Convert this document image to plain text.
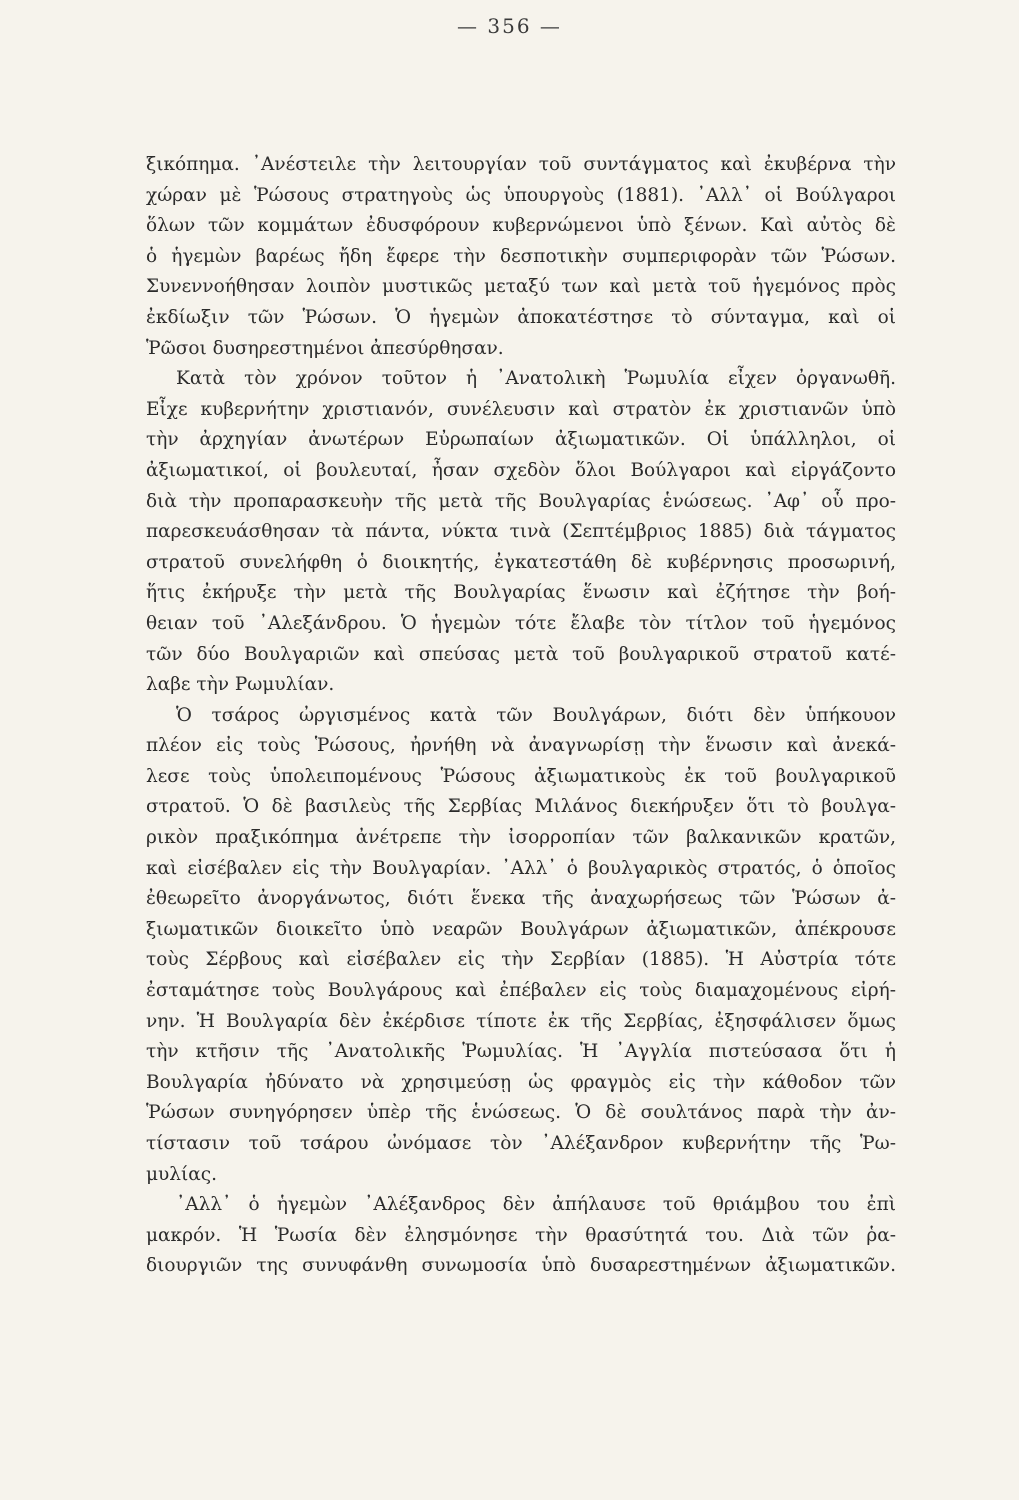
— 356 —
ξικόπημα. ᾿Ανέστειλε τὴν λειτουργίαν τοῦ συντάγματος καὶ ἐκυβέρνα τὴν
χώραν μὲ Ῥώσους στρατηγοὺς ὡς ὑπουργοὺς (1881). ᾿Αλλ᾿ οἱ Βούλγαροι
ὅλων τῶν κομμάτων ἐδυσφόρουν κυβερνώμενοι ὑπὸ ξένων. Καὶ αὐτὸς δὲ
ὁ ἡγεμὼν βαρέως ἤδη ἔφερε τὴν δεσποτικὴν συμπεριφορὰν τῶν Ῥώσων.
Συνεννοήθησαν λοιπὸν μυστικῶς μεταξύ των καὶ μετὰ τοῦ ἡγεμόνος πρὸς
ἐκδίωξιν τῶν Ῥώσων. Ὁ ἡγεμὼν ἀποκατέστησε τὸ σύνταγμα, καὶ οἱ
Ῥῶσοι δυσηρεστημένοι ἀπεσύρθησαν.
Κατὰ τὸν χρόνον τοῦτον ἡ ᾿Ανατολικὴ Ῥωμυλία εἶχεν ὀργανωθῆ.
Εἶχε κυβερνήτην χριστιανόν, συνέλευσιν καὶ στρατὸν ἐκ χριστιανῶν ὑπὸ
τὴν ἀρχηγίαν ἀνωτέρων Εὐρωπαίων ἀξιωματικῶν. Οἱ ὑπάλληλοι, οἱ
ἀξιωματικοί, οἱ βουλευταί, ἦσαν σχεδὸν ὅλοι Βούλγαροι καὶ εἰργάζοντο
διὰ τὴν προπαρασκευὴν τῆς μετὰ τῆς Βουλγαρίας ἑνώσεως. ᾿Αφ᾿ οὗ προ-
παρεσκευάσθησαν τὰ πάντα, νύκτα τινὰ (Σεπτέμβριος 1885) διὰ τάγματος
στρατοῦ συνελήφθη ὁ διοικητής, ἐγκατεστάθη δὲ κυβέρνησις προσωρινή,
ἥτις ἐκήρυξε τὴν μετὰ τῆς Βουλγαρίας ἕνωσιν καὶ ἐζήτησε τὴν βοή-
θειαν τοῦ ᾿Αλεξάνδρου. Ὁ ἡγεμὼν τότε ἔλαβε τὸν τίτλον τοῦ ἡγεμόνος
τῶν δύο Βουλγαριῶν καὶ σπεύσας μετὰ τοῦ βουλγαρικοῦ στρατοῦ κατέ-
λαβε τὴν Ρωμυλίαν.
Ὁ τσάρος ὠργισμένος κατὰ τῶν Βουλγάρων, διότι δὲν ὑπήκουον
πλέον εἰς τοὺς Ῥώσους, ἠρνήθη νὰ ἀναγνωρίσῃ τὴν ἕνωσιν καὶ ἀνεκά-
λεσε τοὺς ὑπολειπομένους Ῥώσους ἀξιωματικοὺς ἐκ τοῦ βουλγαρικοῦ
στρατοῦ. Ὁ δὲ βασιλεὺς τῆς Σερβίας Μιλάνος διεκήρυξεν ὅτι τὸ βουλγα-
ρικὸν πραξικόπημα ἀνέτρεπε τὴν ἰσορροπίαν τῶν βαλκανικῶν κρατῶν,
καὶ εἰσέβαλεν εἰς τὴν Βουλγαρίαν. ᾿Αλλ᾿ ὁ βουλγαρικὸς στρατός, ὁ ὁποῖος
ἐθεωρεῖτο ἀνοργάνωτος, διότι ἕνεκα τῆς ἀναχωρήσεως τῶν Ῥώσων ἀ-
ξιωματικῶν διοικεῖτο ὑπὸ νεαρῶν Βουλγάρων ἀξιωματικῶν, ἀπέκρουσε
τοὺς Σέρβους καὶ εἰσέβαλεν εἰς τὴν Σερβίαν (1885). Ἡ Αὐστρία τότε
ἐσταμάτησε τοὺς Βουλγάρους καὶ ἐπέβαλεν εἰς τοὺς διαμαχομένους εἰρή-
νην. Ἡ Βουλγαρία δὲν ἐκέρδισε τίποτε ἐκ τῆς Σερβίας, ἐξησφάλισεν ὅμως
τὴν κτῆσιν τῆς ᾿Ανατολικῆς Ῥωμυλίας. Ἡ ᾿Αγγλία πιστεύσασα ὅτι ἡ
Βουλγαρία ἠδύνατο νὰ χρησιμεύσῃ ὡς φραγμὸς εἰς τὴν κάθοδον τῶν
Ῥώσων συνηγόρησεν ὑπὲρ τῆς ἑνώσεως. Ὁ δὲ σουλτάνος παρὰ τὴν ἀν-
τίστασιν τοῦ τσάρου ὠνόμασε τὸν ᾿Αλέξανδρον κυβερνήτην τῆς Ῥω-
μυλίας.
᾿Αλλ᾿ ὁ ἡγεμὼν ᾿Αλέξανδρος δὲν ἀπήλαυσε τοῦ θριάμβου του ἐπὶ
μακρόν. Ἡ Ῥωσία δὲν ἐλησμόνησε τὴν θρασύτητά του. Διὰ τῶν ῥα-
διουργιῶν της συνυφάνθη συνωμοσία ὑπὸ δυσαρεστημένων ἀξιωματικῶν.
